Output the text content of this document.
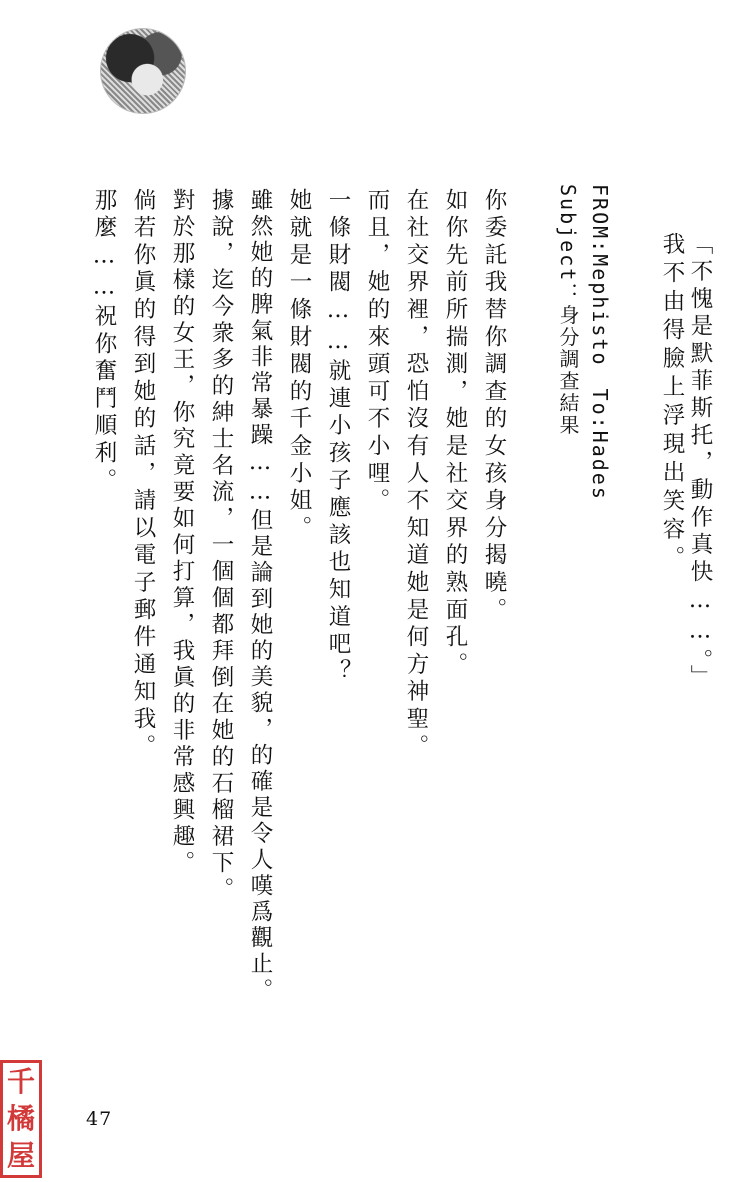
「不愧是默菲斯托，動作真快……。」
我不由得臉上浮現出笑容。
FROM:Mephisto　To:Hades
Subject：身分調查結果
你委託我替你調查的女孩身分揭曉。
如你先前所揣測，她是社交界的熟面孔。
在社交界裡，恐怕沒有人不知道她是何方神聖。
而且，她的來頭可不小哩。
一條財閥……就連小孩子應該也知道吧？
她就是一條財閥的千金小姐。
雖然她的脾氣非常暴躁……但是論到她的美貌，的確是令人嘆爲觀止。
據說，迄今衆多的紳士名流，一個個都拜倒在她的石榴裙下。
對於那樣的女王，你究竟要如何打算，我眞的非常感興趣。
倘若你眞的得到她的話，請以電子郵件通知我。
那麼……祝你奮鬥順利。
47
千
橘
屋
